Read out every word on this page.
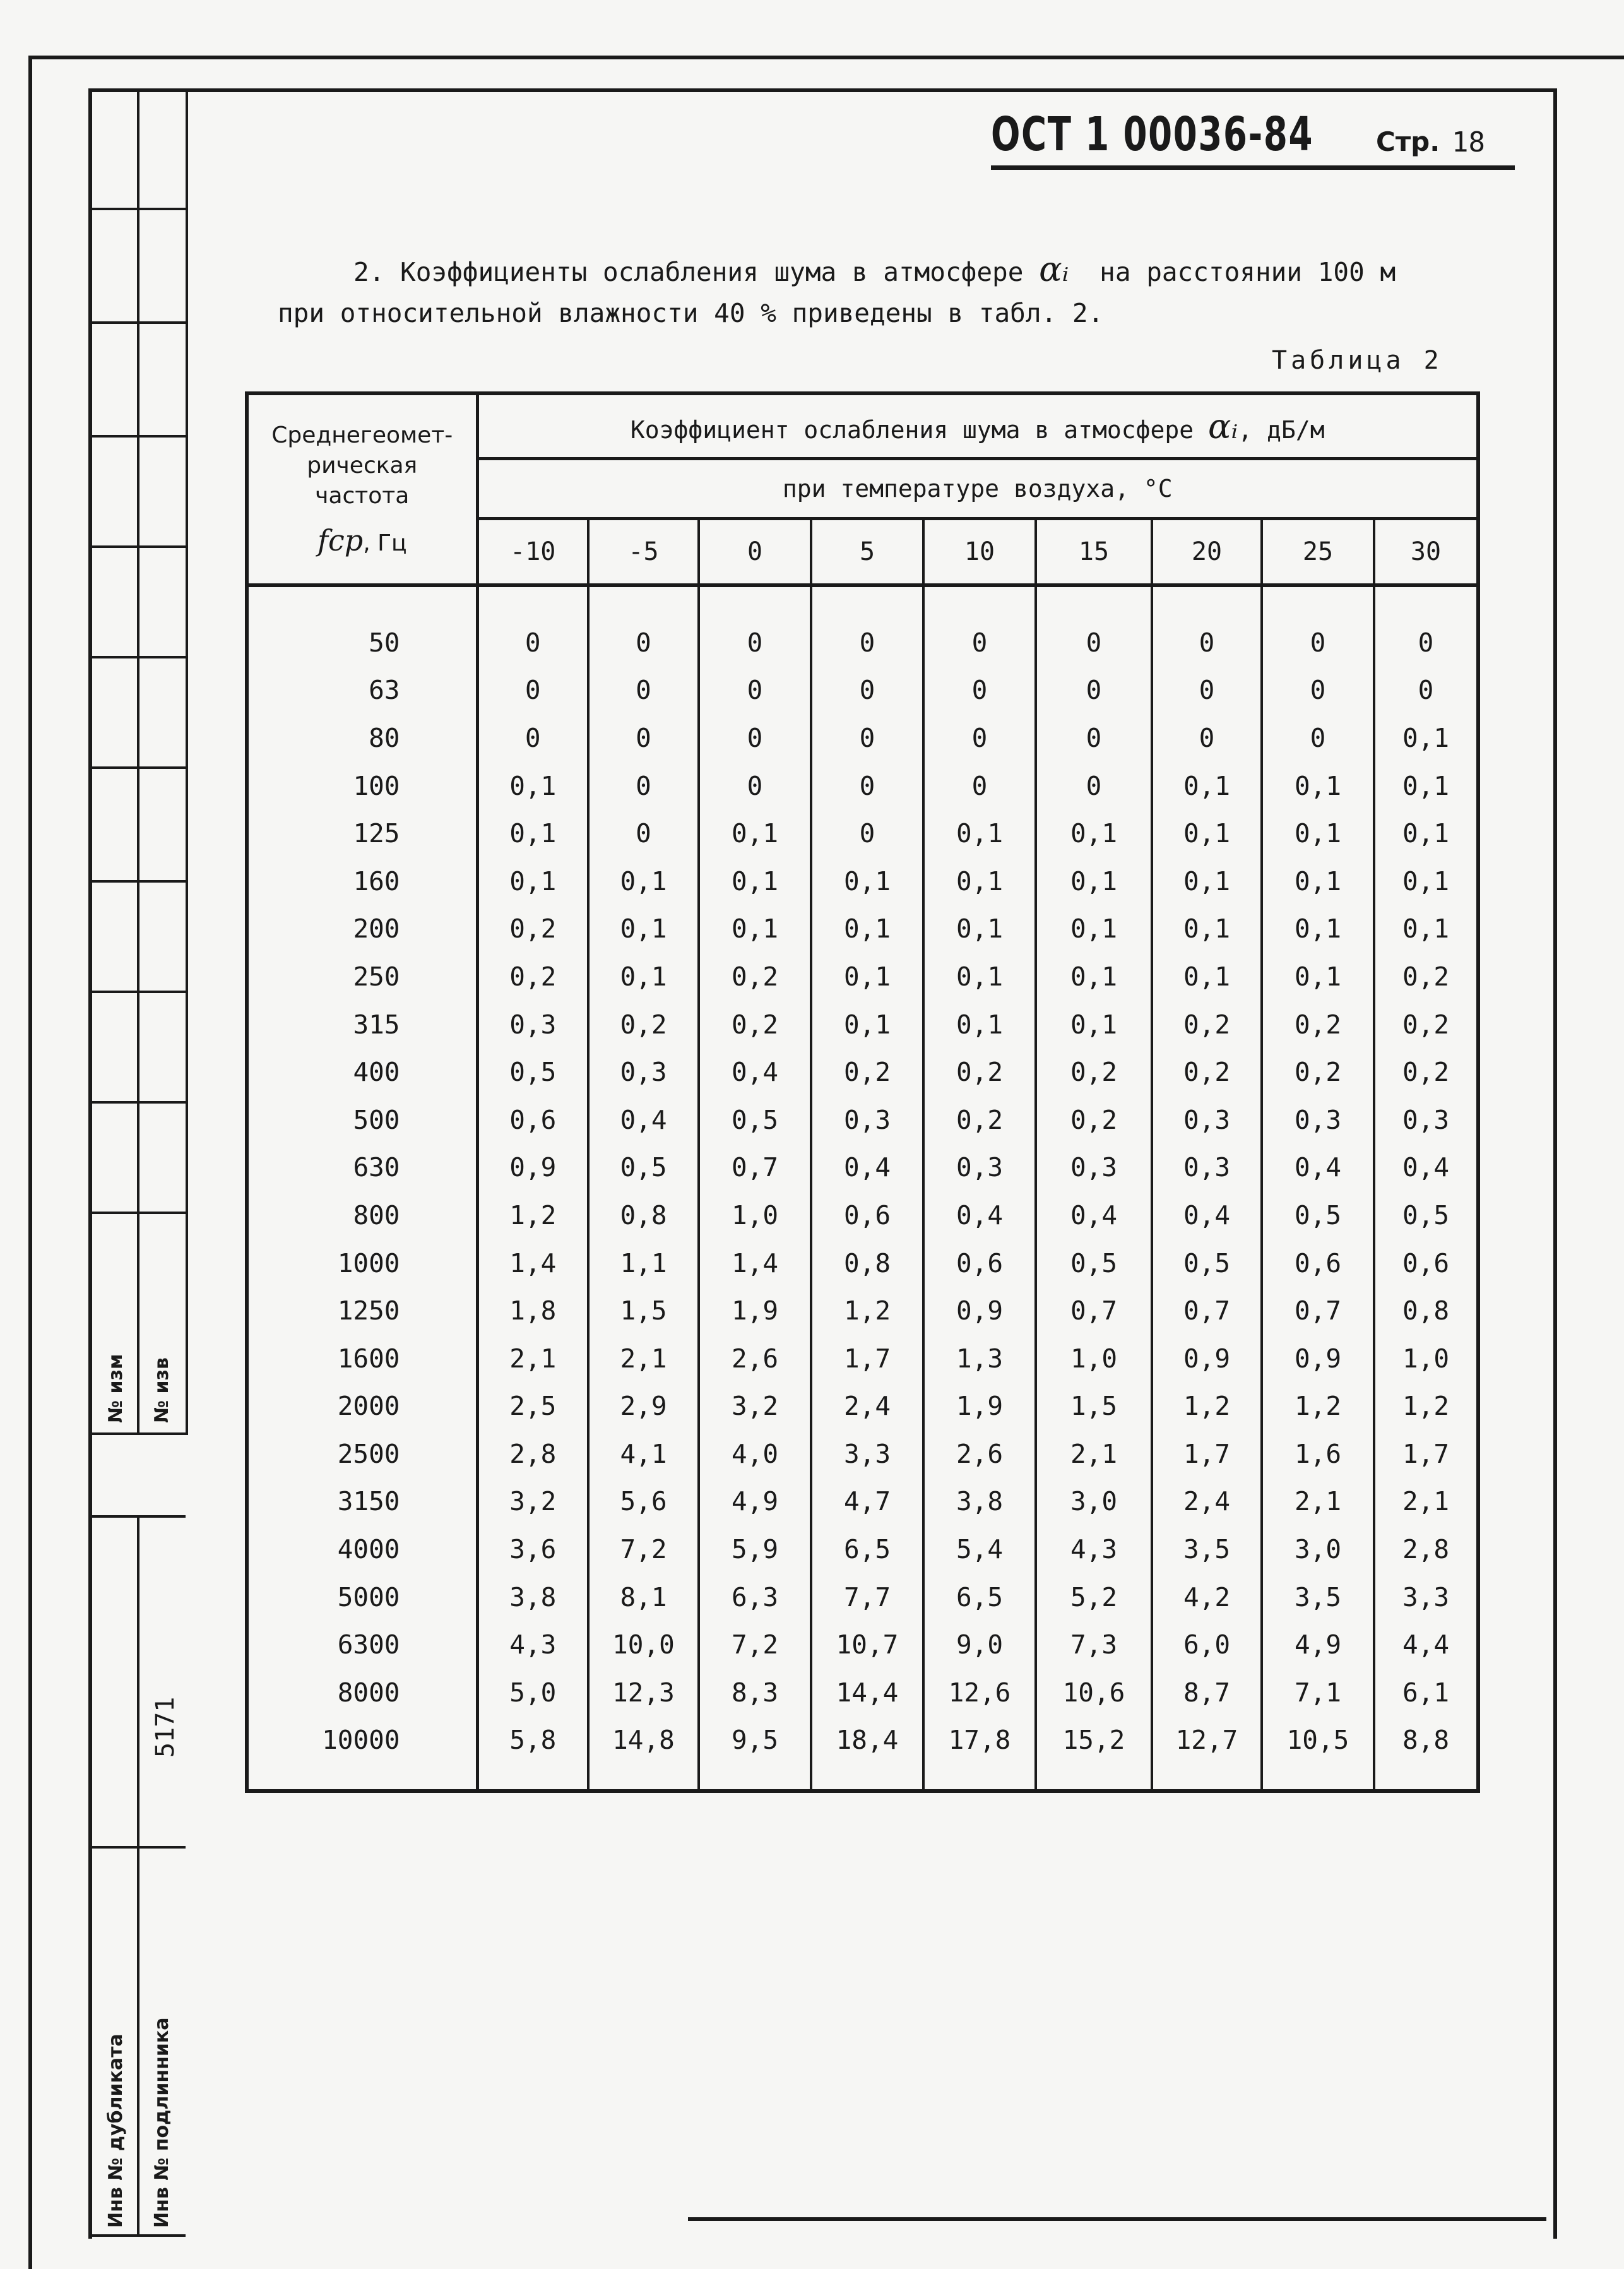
№ изм № изв
5171
Инв № дубликата Инв № подлинника
ОСТ 1 00036-84 Стр. 18
2. Коэффициенты ослабления шума в атмосфере αᵢ на расстоянии 100 м
при относительной влажности 40 % приведены в табл. 2.
Таблица 2
Среднегеомет-
рическая
частота
fср, Гц	Коэффициент ослабления шума в атмосфере αᵢ, дБ/м								
	при температуре воздуха, °С								
	-10	-5	0	5	10	15	20	25	30

50	0	0	0	0	0	0	0	0	0
63	0	0	0	0	0	0	0	0	0
80	0	0	0	0	0	0	0	0	0,1
100	0,1	0	0	0	0	0	0,1	0,1	0,1
125	0,1	0	0,1	0	0,1	0,1	0,1	0,1	0,1
160	0,1	0,1	0,1	0,1	0,1	0,1	0,1	0,1	0,1
200	0,2	0,1	0,1	0,1	0,1	0,1	0,1	0,1	0,1
250	0,2	0,1	0,2	0,1	0,1	0,1	0,1	0,1	0,2
315	0,3	0,2	0,2	0,1	0,1	0,1	0,2	0,2	0,2
400	0,5	0,3	0,4	0,2	0,2	0,2	0,2	0,2	0,2
500	0,6	0,4	0,5	0,3	0,2	0,2	0,3	0,3	0,3
630	0,9	0,5	0,7	0,4	0,3	0,3	0,3	0,4	0,4
800	1,2	0,8	1,0	0,6	0,4	0,4	0,4	0,5	0,5
1000	1,4	1,1	1,4	0,8	0,6	0,5	0,5	0,6	0,6
1250	1,8	1,5	1,9	1,2	0,9	0,7	0,7	0,7	0,8
1600	2,1	2,1	2,6	1,7	1,3	1,0	0,9	0,9	1,0
2000	2,5	2,9	3,2	2,4	1,9	1,5	1,2	1,2	1,2
2500	2,8	4,1	4,0	3,3	2,6	2,1	1,7	1,6	1,7
3150	3,2	5,6	4,9	4,7	3,8	3,0	2,4	2,1	2,1
4000	3,6	7,2	5,9	6,5	5,4	4,3	3,5	3,0	2,8
5000	3,8	8,1	6,3	7,7	6,5	5,2	4,2	3,5	3,3
6300	4,3	10,0	7,2	10,7	9,0	7,3	6,0	4,9	4,4
8000	5,0	12,3	8,3	14,4	12,6	10,6	8,7	7,1	6,1
10000	5,8	14,8	9,5	18,4	17,8	15,2	12,7	10,5	8,8
